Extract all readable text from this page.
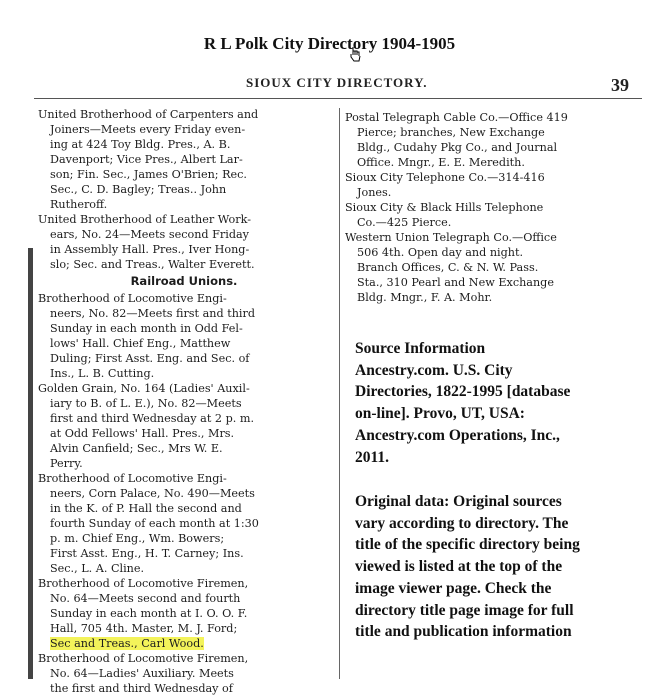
R L Polk City Directory 1904-1905
SIOUX CITY DIRECTORY.	39
United Brotherhood of Carpenters and
Joiners—Meets every Friday even-
ing at 424 Toy Bldg. Pres., A. B.
Davenport; Vice Pres., Albert Lar-
son; Fin. Sec., James O'Brien; Rec.
Sec., C. D. Bagley; Treas.. John
Rutheroff.
United Brotherhood of Leather Work-
ears, No. 24—Meets second Friday
in Assembly Hall. Pres., Iver Hong-
slo; Sec. and Treas., Walter Everett.
Railroad Unions.
Brotherhood of Locomotive Engi-
neers, No. 82—Meets first and third
Sunday in each month in Odd Fel-
lows' Hall. Chief Eng., Matthew
Duling; First Asst. Eng. and Sec. of
Ins., L. B. Cutting.
Golden Grain, No. 164 (Ladies' Auxil-
iary to B. of L. E.), No. 82—Meets
first and third Wednesday at 2 p. m.
at Odd Fellows' Hall. Pres., Mrs.
Alvin Canfield; Sec., Mrs W. E.
Perry.
Brotherhood of Locomotive Engi-
neers, Corn Palace, No. 490—Meets
in the K. of P. Hall the second and
fourth Sunday of each month at 1:30
p. m. Chief Eng., Wm. Bowers;
First Asst. Eng., H. T. Carney; Ins.
Sec., L. A. Cline.
Brotherhood of Locomotive Firemen,
No. 64—Meets second and fourth
Sunday in each month at I. O. O. F.
Hall, 705 4th. Master, M. J. Ford;
Sec and Treas., Carl Wood.
Brotherhood of Locomotive Firemen,
No. 64—Ladies' Auxiliary. Meets
the first and third Wednesday of
Postal Telegraph Cable Co.—Office 419
Pierce; branches, New Exchange
Bldg., Cudahy Pkg Co., and Journal
Office. Mngr., E. E. Meredith.
Sioux City Telephone Co.—314-416
Jones.
Sioux City & Black Hills Telephone
Co.—425 Pierce.
Western Union Telegraph Co.—Office
506 4th. Open day and night.
Branch Offices, C. & N. W. Pass.
Sta., 310 Pearl and New Exchange
Bldg. Mngr., F. A. Mohr.
Source Information
Ancestry.com. U.S. City
Directories, 1822-1995 [database
on-line]. Provo, UT, USA:
Ancestry.com Operations, Inc.,
2011.
Original data: Original sources
vary according to directory. The
title of the specific directory being
viewed is listed at the top of the
image viewer page. Check the
directory title page image for full
title and publication information
